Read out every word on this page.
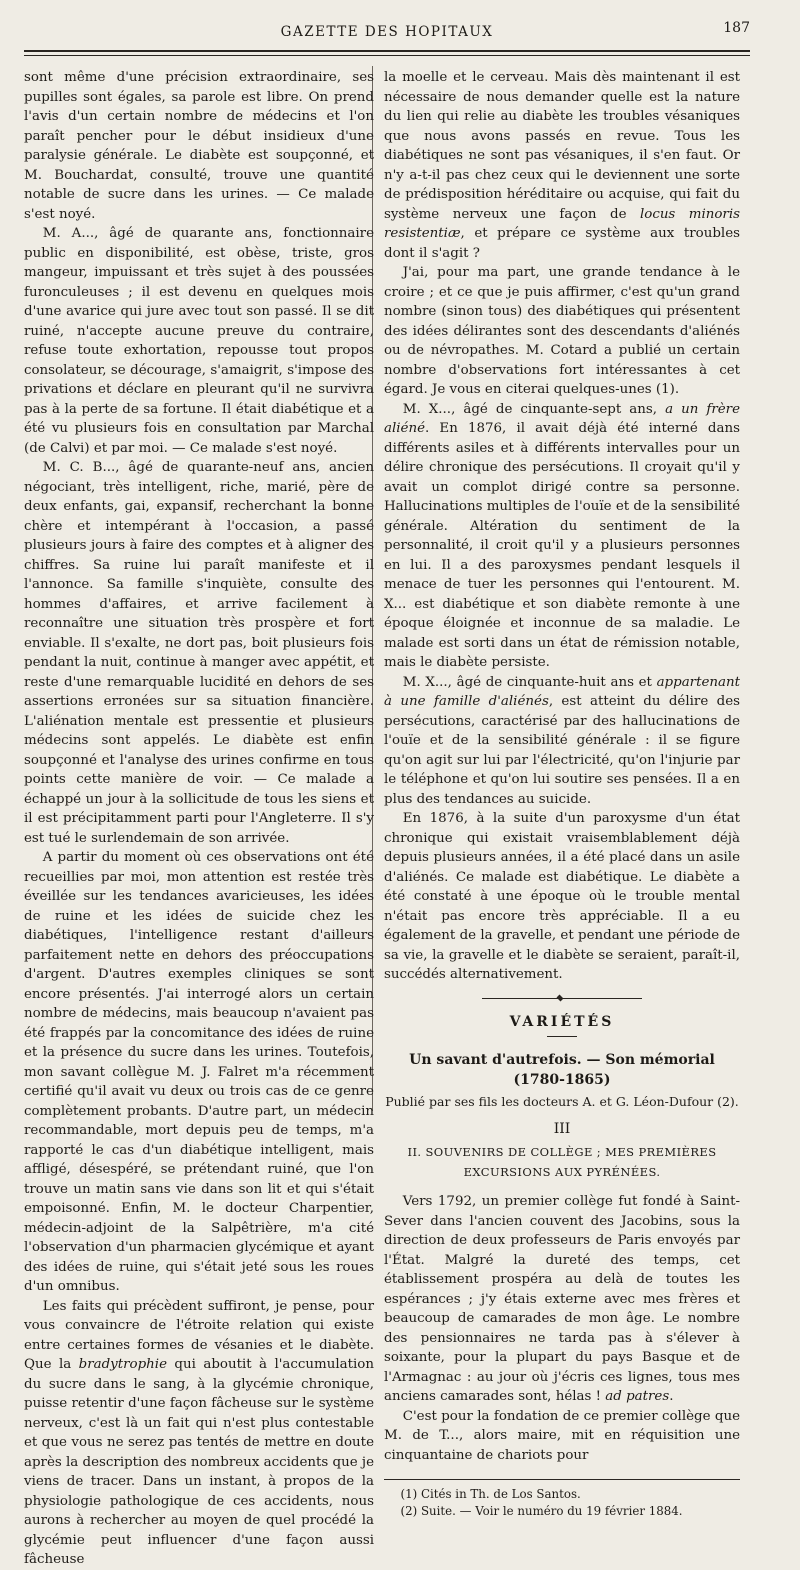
GAZETTE DES HOPITAUX	187

sont même d'une précision extraordinaire, ses pupilles sont égales, sa parole est libre. On prend l'avis d'un certain nombre de médecins et l'on paraît pencher pour le début insidieux d'une paralysie générale. Le diabète est soupçonné, et M. Bouchardat, consulté, trouve une quantité notable de sucre dans les urines. — Ce malade s'est noyé.

M. A..., âgé de quarante ans, fonctionnaire public en disponibilité, est obèse, triste, gros mangeur, impuissant et très sujet à des poussées furonculeuses ; il est devenu en quelques mois d'une avarice qui jure avec tout son passé. Il se dit ruiné, n'accepte aucune preuve du contraire, refuse toute exhortation, repousse tout propos consolateur, se décourage, s'amaigrit, s'impose des privations et déclare en pleurant qu'il ne survivra pas à la perte de sa fortune. Il était diabétique et a été vu plusieurs fois en consultation par Marchal (de Calvi) et par moi. — Ce malade s'est noyé.

M. C. B..., âgé de quarante-neuf ans, ancien négociant, très intelligent, riche, marié, père de deux enfants, gai, expansif, recherchant la bonne chère et intempérant à l'occasion, a passé plusieurs jours à faire des comptes et à aligner des chiffres. Sa ruine lui paraît manifeste et il l'annonce. Sa famille s'inquiète, consulte des hommes d'affaires, et arrive facilement à reconnaître une situation très prospère et fort enviable. Il s'exalte, ne dort pas, boit plusieurs fois pendant la nuit, continue à manger avec appétit, et reste d'une remarquable lucidité en dehors de ses assertions erronées sur sa situation financière. L'aliénation mentale est pressentie et plusieurs médecins sont appelés. Le diabète est enfin soupçonné et l'analyse des urines confirme en tous points cette manière de voir. — Ce malade a échappé un jour à la sollicitude de tous les siens et il est précipitamment parti pour l'Angleterre. Il s'y est tué le surlendemain de son arrivée.

A partir du moment où ces observations ont été recueillies par moi, mon attention est restée très éveillée sur les tendances avaricieuses, les idées de ruine et les idées de suicide chez les diabétiques, l'intelligence restant d'ailleurs parfaitement nette en dehors des préoccupations d'argent. D'autres exemples cliniques se sont encore présentés. J'ai interrogé alors un certain nombre de médecins, mais beaucoup n'avaient pas été frappés par la concomitance des idées de ruine et la présence du sucre dans les urines. Toutefois, mon savant collègue M. J. Falret m'a récemment certifié qu'il avait vu deux ou trois cas de ce genre complètement probants. D'autre part, un médecin recommandable, mort depuis peu de temps, m'a rapporté le cas d'un diabétique intelligent, mais affligé, désespéré, se prétendant ruiné, que l'on trouve un matin sans vie dans son lit et qui s'était empoisonné. Enfin, M. le docteur Charpentier, médecin-adjoint de la Salpêtrière, m'a cité l'observation d'un pharmacien glycémique et ayant des idées de ruine, qui s'était jeté sous les roues d'un omnibus.

Les faits qui précèdent suffiront, je pense, pour vous convaincre de l'étroite relation qui existe entre certaines formes de vésanies et le diabète. Que la bradytrophie qui aboutit à l'accumulation du sucre dans le sang, à la glycémie chronique, puisse retentir d'une façon fâcheuse sur le système nerveux, c'est là un fait qui n'est plus contestable et que vous ne serez pas tentés de mettre en doute après la description des nombreux accidents que je viens de tracer. Dans un instant, à propos de la physiologie pathologique de ces accidents, nous aurons à rechercher au moyen de quel procédé la glycémie peut influencer d'une façon aussi fâcheuse

la moelle et le cerveau. Mais dès maintenant il est nécessaire de nous demander quelle est la nature du lien qui relie au diabète les troubles vésaniques que nous avons passés en revue. Tous les diabétiques ne sont pas vésaniques, il s'en faut. Or n'y a-t-il pas chez ceux qui le deviennent une sorte de prédisposition héréditaire ou acquise, qui fait du système nerveux une façon de locus minoris resistentiæ, et prépare ce système aux troubles dont il s'agit ?

J'ai, pour ma part, une grande tendance à le croire ; et ce que je puis affirmer, c'est qu'un grand nombre (sinon tous) des diabétiques qui présentent des idées délirantes sont des descendants d'aliénés ou de névropathes. M. Cotard a publié un certain nombre d'observations fort intéressantes à cet égard. Je vous en citerai quelques-unes (1).

M. X..., âgé de cinquante-sept ans, a un frère aliéné. En 1876, il avait déjà été interné dans différents asiles et à différents intervalles pour un délire chronique des persécutions. Il croyait qu'il y avait un complot dirigé contre sa personne. Hallucinations multiples de l'ouïe et de la sensibilité générale. Altération du sentiment de la personnalité, il croit qu'il y a plusieurs personnes en lui. Il a des paroxysmes pendant lesquels il menace de tuer les personnes qui l'entourent. M. X... est diabétique et son diabète remonte à une époque éloignée et inconnue de sa maladie. Le malade est sorti dans un état de rémission notable, mais le diabète persiste.

M. X..., âgé de cinquante-huit ans et appartenant à une famille d'aliénés, est atteint du délire des persécutions, caractérisé par des hallucinations de l'ouïe et de la sensibilité générale : il se figure qu'on agit sur lui par l'électricité, qu'on l'injurie par le téléphone et qu'on lui soutire ses pensées. Il a en plus des tendances au suicide.

En 1876, à la suite d'un paroxysme d'un état chronique qui existait vraisemblablement déjà depuis plusieurs années, il a été placé dans un asile d'aliénés. Ce malade est diabétique. Le diabète a été constaté à une époque où le trouble mental n'était pas encore très appréciable. Il a eu également de la gravelle, et pendant une période de sa vie, la gravelle et le diabète se seraient, paraît-il, succédés alternativement.

VARIÉTÉS
Un savant d'autrefois. — Son mémorial (1780-1865)
Publié par ses fils les docteurs A. et G. Léon-Dufour (2).
III
II. SOUVENIRS DE COLLÈGE ; MES PREMIÈRES EXCURSIONS AUX PYRÉNÉES.

Vers 1792, un premier collège fut fondé à Saint-Sever dans l'ancien couvent des Jacobins, sous la direction de deux professeurs de Paris envoyés par l'État. Malgré la dureté des temps, cet établissement prospéra au delà de toutes les espérances ; j'y étais externe avec mes frères et beaucoup de camarades de mon âge. Le nombre des pensionnaires ne tarda pas à s'élever à soixante, pour la plupart du pays Basque et de l'Armagnac : au jour où j'écris ces lignes, tous mes anciens camarades sont, hélas ! ad patres.

C'est pour la fondation de ce premier collège que M. de T..., alors maire, mit en réquisition une cinquantaine de chariots pour

(1) Cités in Th. de Los Santos.
(2) Suite. — Voir le numéro du 19 février 1884.
